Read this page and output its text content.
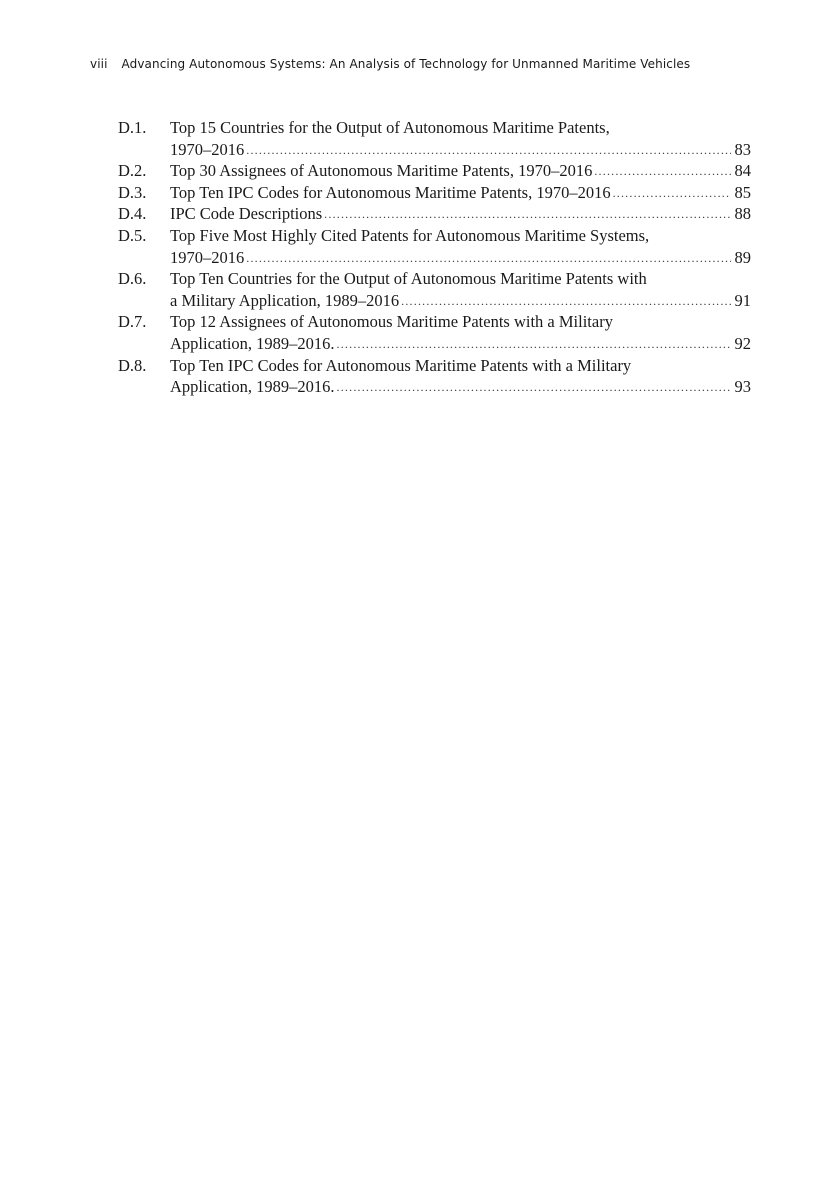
viii Advancing Autonomous Systems: An Analysis of Technology for Unmanned Maritime Vehicles
D.1. Top 15 Countries for the Output of Autonomous Maritime Patents,
1970–2016 .....	83
D.2. Top 30 Assignees of Autonomous Maritime Patents, 1970–2016 .....	84
D.3. Top Ten IPC Codes for Autonomous Maritime Patents, 1970–2016 .....	85
D.4. IPC Code Descriptions .....	88
D.5. Top Five Most Highly Cited Patents for Autonomous Maritime Systems,
1970–2016 .....	89
D.6. Top Ten Countries for the Output of Autonomous Maritime Patents with
a Military Application, 1989–2016 .....	91
D.7. Top 12 Assignees of Autonomous Maritime Patents with a Military
Application, 1989–2016. .....	92
D.8. Top Ten IPC Codes for Autonomous Maritime Patents with a Military
Application, 1989–2016. .....	93
